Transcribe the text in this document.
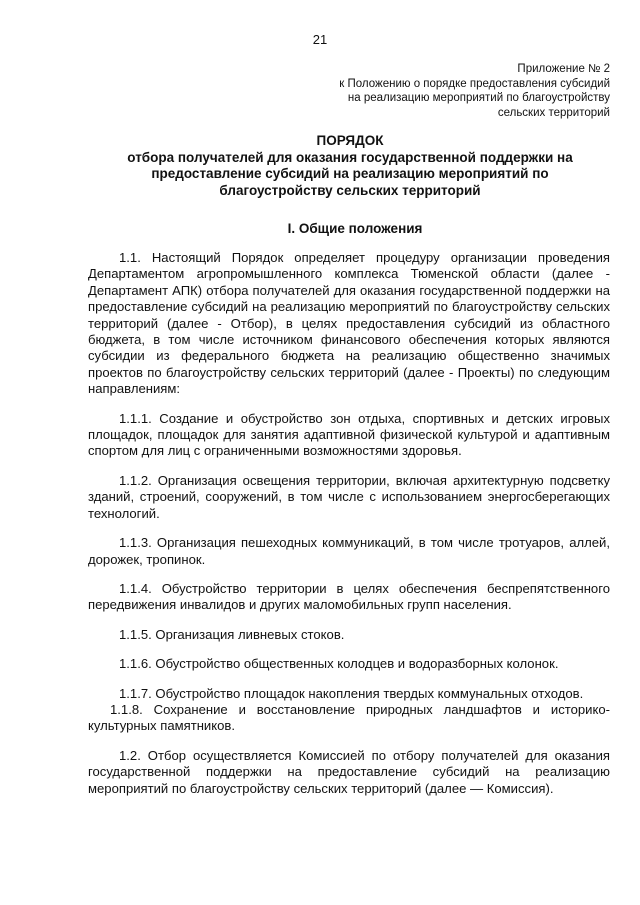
21
Приложение № 2
к Положению о порядке предоставления субсидий
на реализацию мероприятий по благоустройству
сельских территорий
ПОРЯДОК
отбора получателей для оказания государственной поддержки на
предоставление субсидий на реализацию мероприятий по
благоустройству сельских территорий
I. Общие положения

1.1. Настоящий Порядок определяет процедуру организации проведения Департаментом агропромышленного комплекса Тюменской области (далее - Департамент АПК) отбора получателей для оказания государственной поддержки на предоставление субсидий на реализацию мероприятий по благоустройству сельских территорий (далее - Отбор), в целях предоставления субсидий из областного бюджета, в том числе источником финансового обеспечения которых являются субсидии из федерального бюджета на реализацию общественно значимых проектов по благоустройству сельских территорий (далее - Проекты) по следующим направлениям:

1.1.1. Создание и обустройство зон отдыха, спортивных и детских игровых площадок, площадок для занятия адаптивной физической культурой и адаптивным спортом для лиц с ограниченными возможностями здоровья.

1.1.2. Организация освещения территории, включая архитектурную подсветку зданий, строений, сооружений, в том числе с использованием энергосберегающих технологий.

1.1.3. Организация пешеходных коммуникаций, в том числе тротуаров, аллей, дорожек, тропинок.

1.1.4. Обустройство территории в целях обеспечения беспрепятственного передвижения инвалидов и других маломобильных групп населения.

1.1.5. Организация ливневых стоков.

1.1.6. Обустройство общественных колодцев и водоразборных колонок.

1.1.7. Обустройство площадок накопления твердых коммунальных отходов.

1.1.8. Сохранение и восстановление природных ландшафтов и историко-культурных памятников.

1.2. Отбор осуществляется Комиссией по отбору получателей для оказания государственной поддержки на предоставление субсидий на реализацию мероприятий по благоустройству сельских территорий (далее — Комиссия).
